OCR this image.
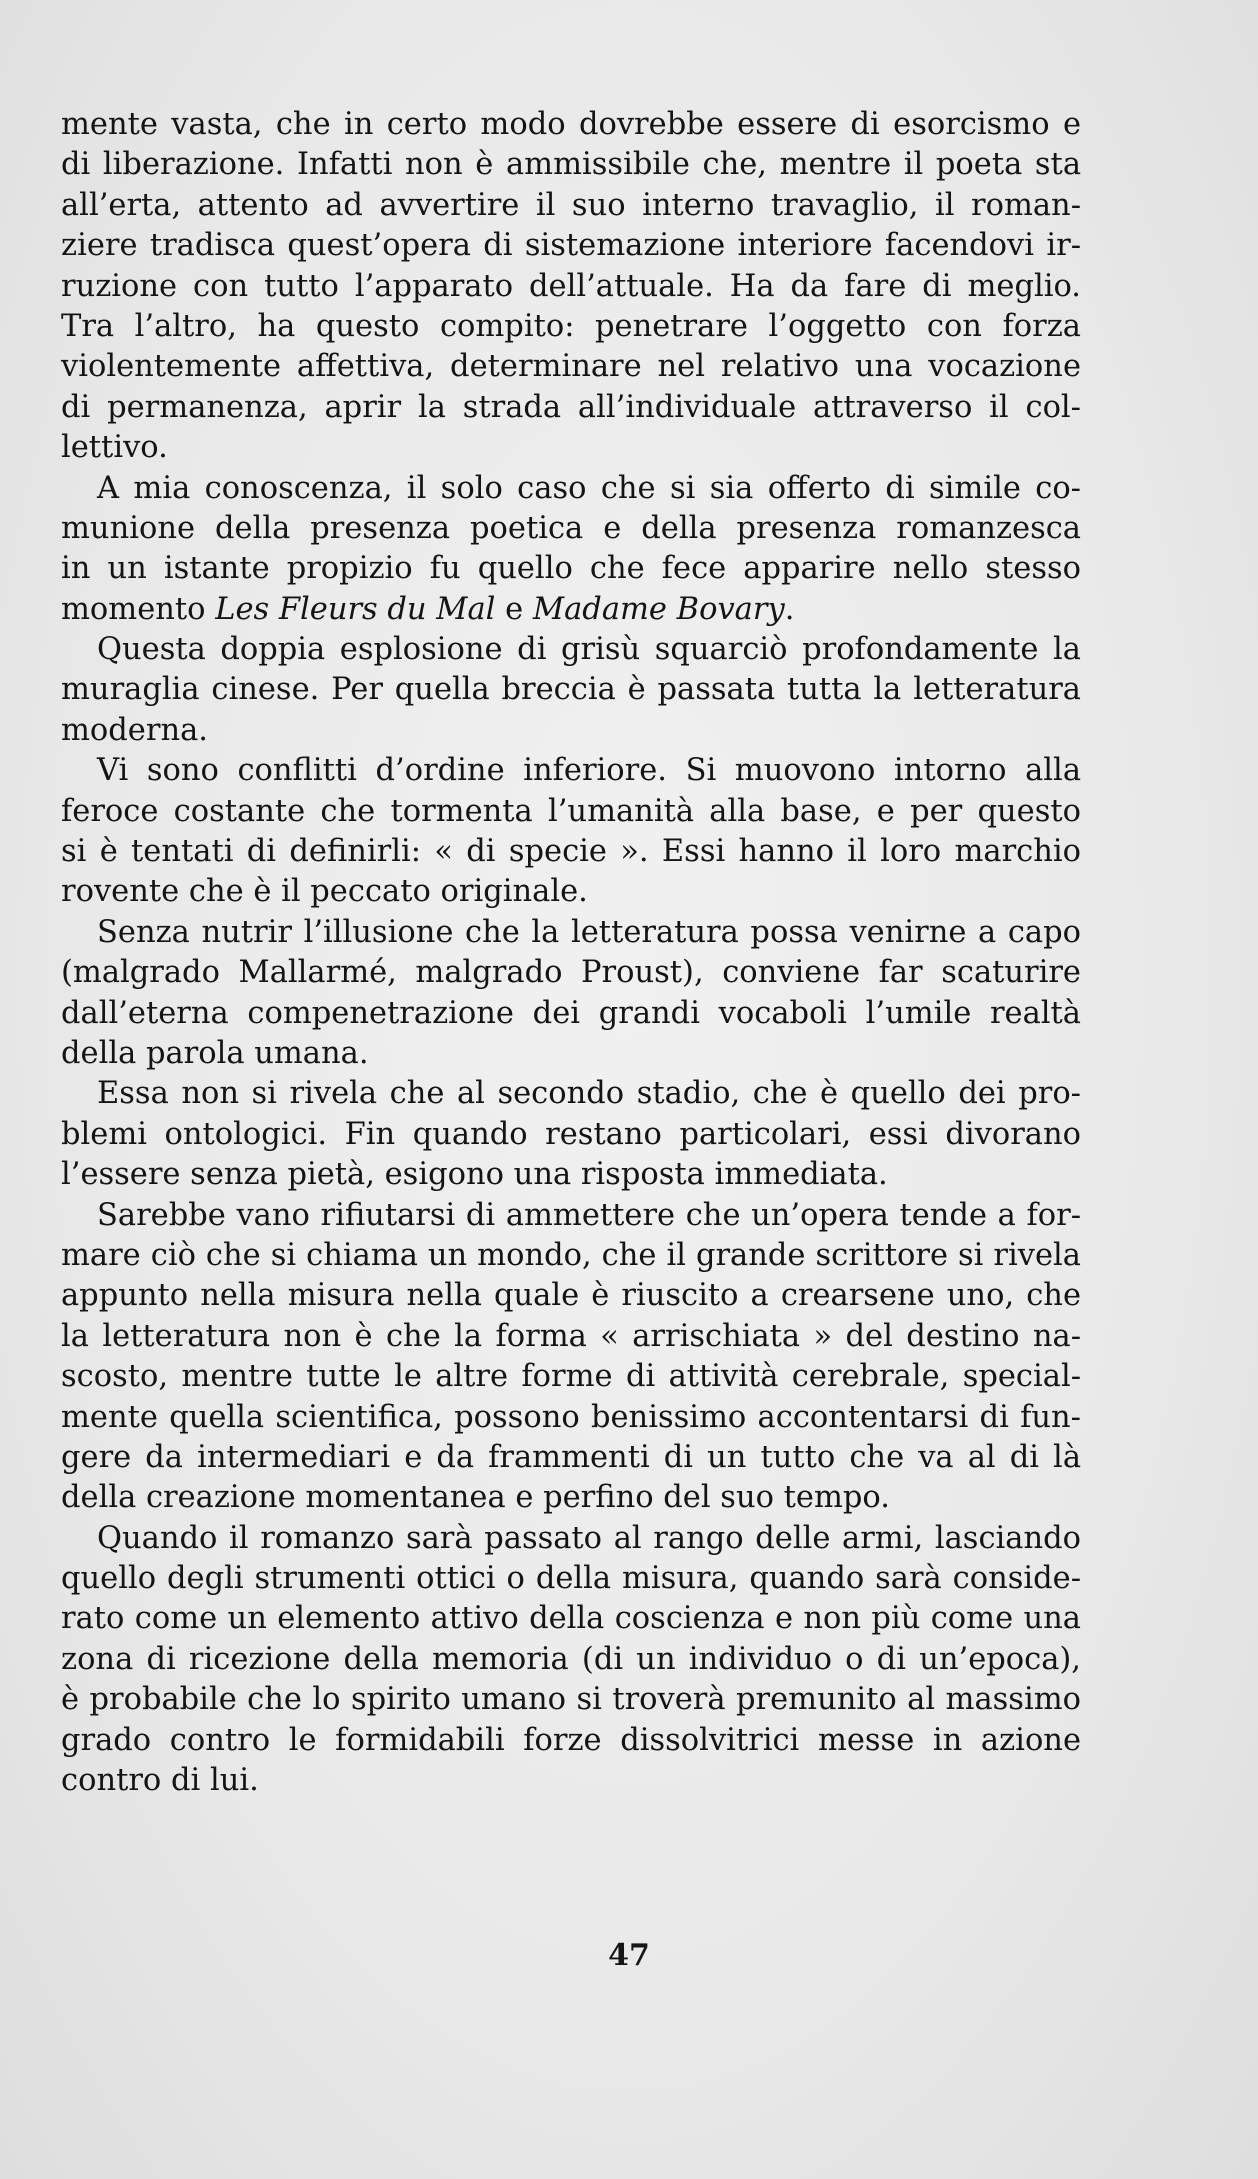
mente vasta, che in certo modo dovrebbe essere di esorcismo e
di liberazione. Infatti non è ammissibile che, mentre il poeta sta
all’erta, attento ad avvertire il suo interno travaglio, il roman-
ziere tradisca quest’opera di sistemazione interiore facendovi ir-
ruzione con tutto l’apparato dell’attuale. Ha da fare di meglio.
Tra l’altro, ha questo compito: penetrare l’oggetto con forza
violentemente affettiva, determinare nel relativo una vocazione
di permanenza, aprir la strada all’individuale attraverso il col-
lettivo.
A mia conoscenza, il solo caso che si sia offerto di simile co-
munione della presenza poetica e della presenza romanzesca
in un istante propizio fu quello che fece apparire nello stesso
momento Les Fleurs du Mal e Madame Bovary.
Questa doppia esplosione di grisù squarciò profondamente la
muraglia cinese. Per quella breccia è passata tutta la letteratura
moderna.
Vi sono conflitti d’ordine inferiore. Si muovono intorno alla
feroce costante che tormenta l’umanità alla base, e per questo
si è tentati di definirli: « di specie ». Essi hanno il loro marchio
rovente che è il peccato originale.
Senza nutrir l’illusione che la letteratura possa venirne a capo
(malgrado Mallarmé, malgrado Proust), conviene far scaturire
dall’eterna compenetrazione dei grandi vocaboli l’umile realtà
della parola umana.
Essa non si rivela che al secondo stadio, che è quello dei pro-
blemi ontologici. Fin quando restano particolari, essi divorano
l’essere senza pietà, esigono una risposta immediata.
Sarebbe vano rifiutarsi di ammettere che un’opera tende a for-
mare ciò che si chiama un mondo, che il grande scrittore si rivela
appunto nella misura nella quale è riuscito a crearsene uno, che
la letteratura non è che la forma « arrischiata » del destino na-
scosto, mentre tutte le altre forme di attività cerebrale, special-
mente quella scientifica, possono benissimo accontentarsi di fun-
gere da intermediari e da frammenti di un tutto che va al di là
della creazione momentanea e perfino del suo tempo.
Quando il romanzo sarà passato al rango delle armi, lasciando
quello degli strumenti ottici o della misura, quando sarà conside-
rato come un elemento attivo della coscienza e non più come una
zona di ricezione della memoria (di un individuo o di un’epoca),
è probabile che lo spirito umano si troverà premunito al massimo
grado contro le formidabili forze dissolvitrici messe in azione
contro di lui.
47
